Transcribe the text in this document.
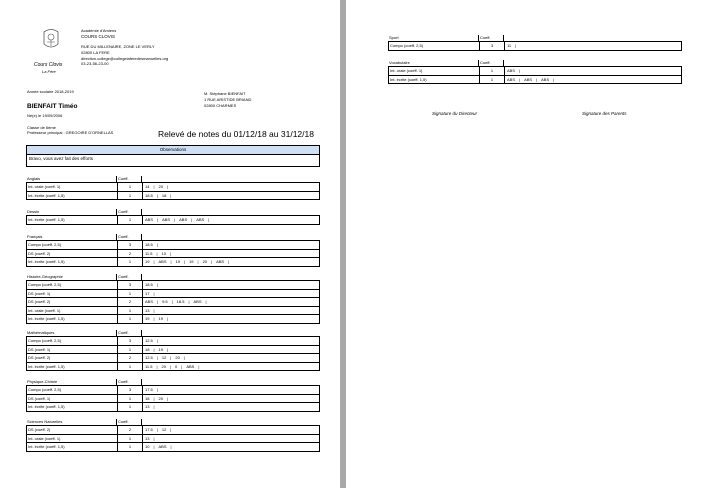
Cours Clovis
La Fère
Académie d'Amiens
COURS CLOVIS
RUE DU MILLENAIRE, ZONE LE VERLY
02800 LA FERE
direction.college@collegelaferedesmanuelles.org
03-23-56-23-00
Année scolaire 2018-2019	M. Stéphane BIENFAIT
1 RUE ARISTIDE BRIAND
02800 CHARMES
BIENFAIT Timéo
Né(e) le 19/09/2006
Classe de 6ème
Professeur principal : GREGOIRE D'ORNELLAS	Relevé de notes du 01/12/18 au 31/12/18
Observations
Bravo, vous avez fait des efforts
Anglais	Coeff.
Int. orale (coeff. 1)	1	14 | 20 |
Int. écrite (coeff. 1,5)	1	18.5 | 18 |
Dessin	Coeff.
Int. écrite (coeff. 1,5)	1	ABS | ABS | ABS | ABS |
Français	Coeff.
Compo (coeff. 2,5)	3	18.5 |
DS (coeff. 2)	2	11.5 | 10 |
Int. écrite (coeff. 1,5)	1	19 | ABS | 19 | 19 | 20 | ABS |
Histoire-Géographie	Coeff.
Compo (coeff. 2,5)	3	18.5 |
DS (coeff. 1)	1	17 |
DS (coeff. 2)	2	ABS | 9.5 | 18.5 | ABS |
Int. orale (coeff. 1)	1	13 |
Int. écrite (coeff. 1,5)	1	19 | 19 |
Mathématiques	Coeff.
Compo (coeff. 2,5)	3	12.5 |
DS (coeff. 1)	1	18 | 19 |
DS (coeff. 2)	2	12.5 | 12 | 20 |
Int. écrite (coeff. 1,5)	1	11.5 | 20 | 0 | ABS |
Physique-Chimie	Coeff.
Compo (coeff. 2,5)	3	17.5 |
DS (coeff. 1)	1	18 | 20 |
Int. écrite (coeff. 1,5)	1	13 |
Sciences Naturelles	Coeff.
DS (coeff. 2)	2	17.5 | 12 |
Int. orale (coeff. 1)	1	13 |
Int. écrite (coeff. 1,5)	1	10 | ABS |
Sport	Coeff.
Compo (coeff. 2,5)	3	11 |
Vocabulaire	Coeff.
Int. orale (coeff. 1)	1	ABS |
Int. écrite (coeff. 1,5)	1	ABS | ABS | ABS |
Signature du Directeur	Signature des Parents
